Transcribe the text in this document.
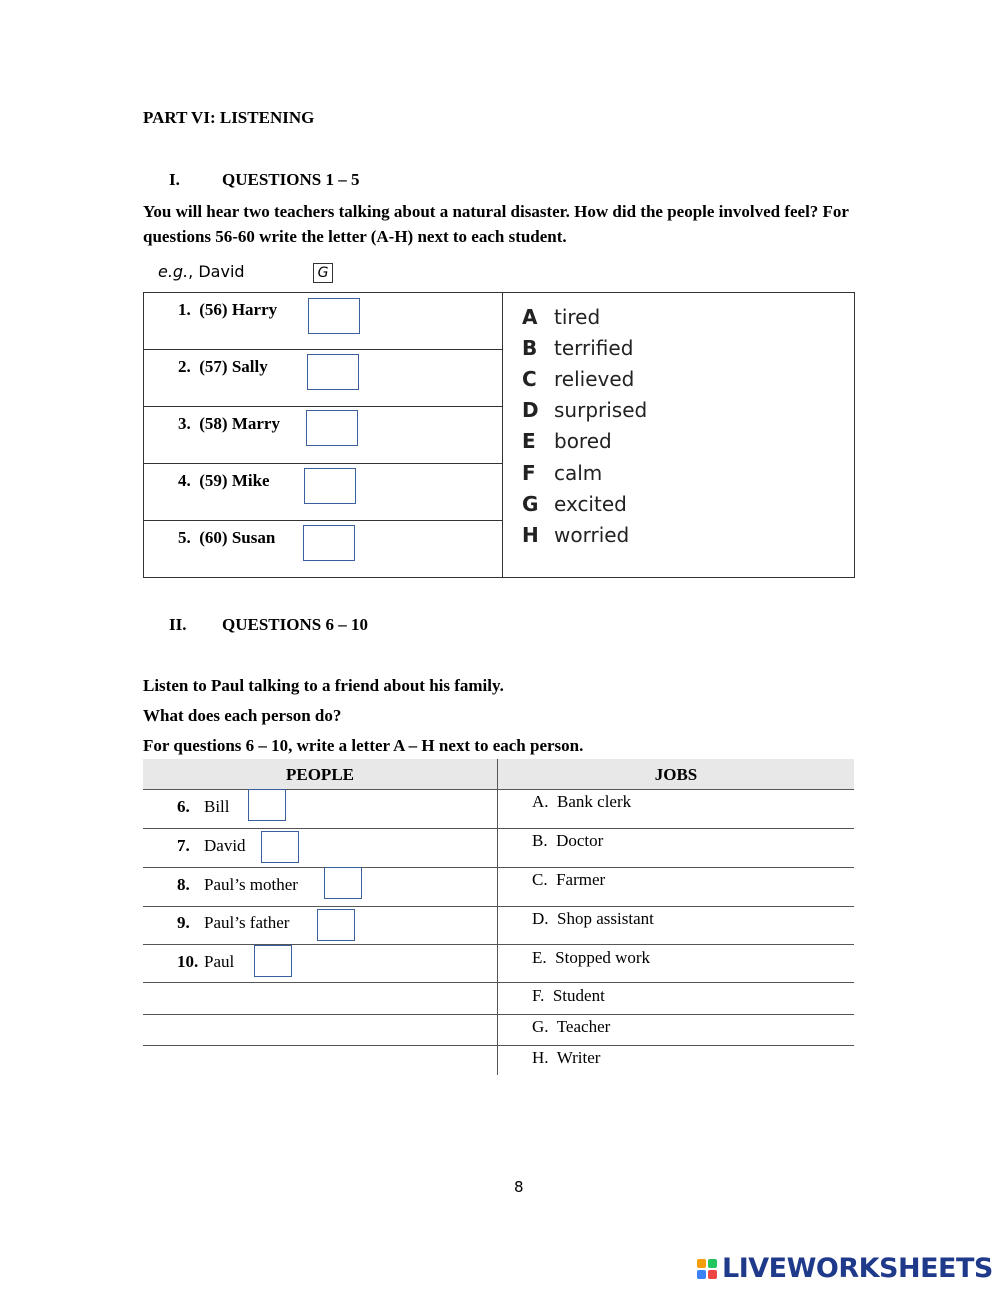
PART VI: LISTENING
I. QUESTIONS 1 – 5
You will hear two teachers talking about a natural disaster. How did the people involved feel? For questions 56-60 write the letter (A-H) next to each student.
e.g., David	G
1. (56) Harry
2. (57) Sally
3. (58) Marry
4. (59) Mike
5. (60) Susan
A tired
B terrified
C relieved
D surprised
E bored
F calm
G excited
H worried
II. QUESTIONS 6 – 10
Listen to Paul talking to a friend about his family.
What does each person do?
For questions 6 – 10, write a letter A – H next to each person.
PEOPLE	JOBS
6. Bill
7. David
8. Paul’s mother
9. Paul’s father
10. Paul
A. Bank clerk
B. Doctor
C. Farmer
D. Shop assistant
E. Stopped work
F. Student
G. Teacher
H. Writer
8
LIVEWORKSHEETS
